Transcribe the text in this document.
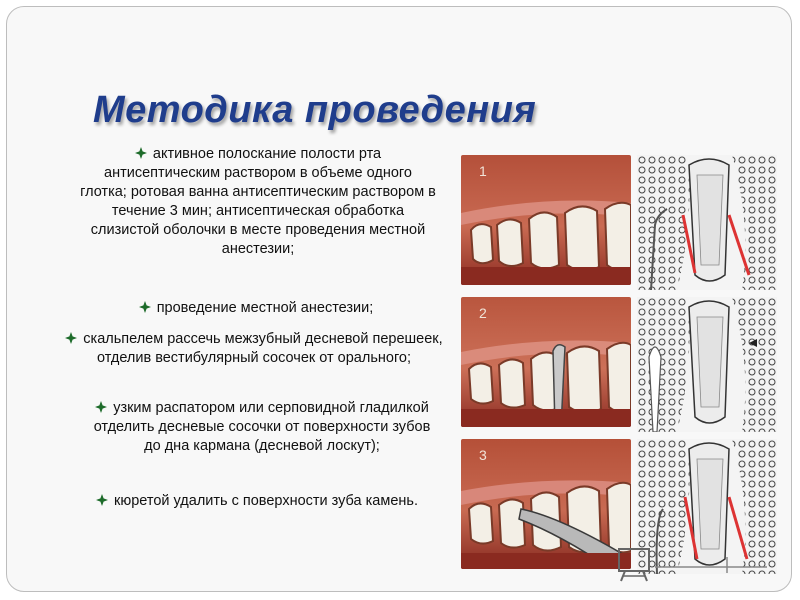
Методика проведения
активное полоскание полости рта антисептическим раствором в объеме одного глотка; ротовая ванна антисептическим раствором в течение 3 мин; антисептическая обработка слизистой оболочки в месте проведения местной анестезии;
проведение местной анестезии;
скальпелем рассечь межзубный десневой перешеек, отделив вестибулярный сосочек от орального;
узким распатором или серповидной гладилкой отделить десневые сосочки от поверхности зубов до дна кармана (десневой лоскут);
кюретой удалить с поверхности зуба камень.
1
2
3
